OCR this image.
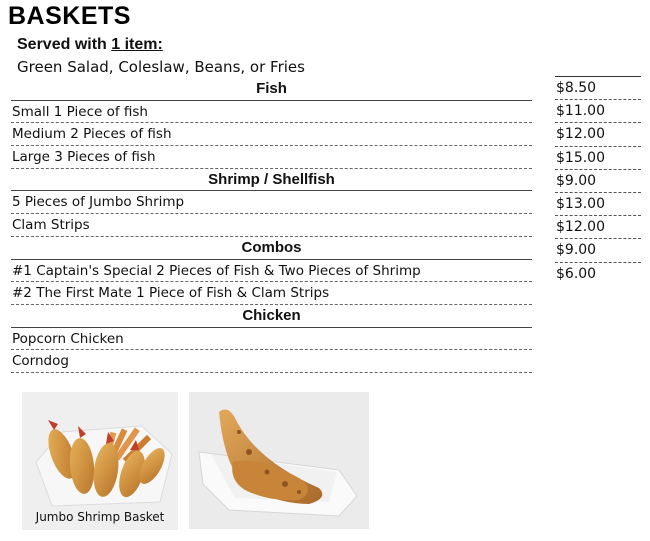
BASKETS
Served with 1 item:
Green Salad, Coleslaw, Beans, or Fries
Fish
Small 1 Piece of fish
Medium 2 Pieces of fish
Large 3 Pieces of fish
Shrimp / Shellfish
5 Pieces of Jumbo Shrimp
Clam Strips
Combos
#1 Captain's Special 2 Pieces of Fish & Two Pieces of Shrimp
#2 The First Mate 1 Piece of Fish & Clam Strips
Chicken
Popcorn Chicken
Corndog
$8.50
$11.00
$12.00
$15.00
$9.00
$13.00
$12.00
$9.00
$6.00
Jumbo Shrimp Basket
